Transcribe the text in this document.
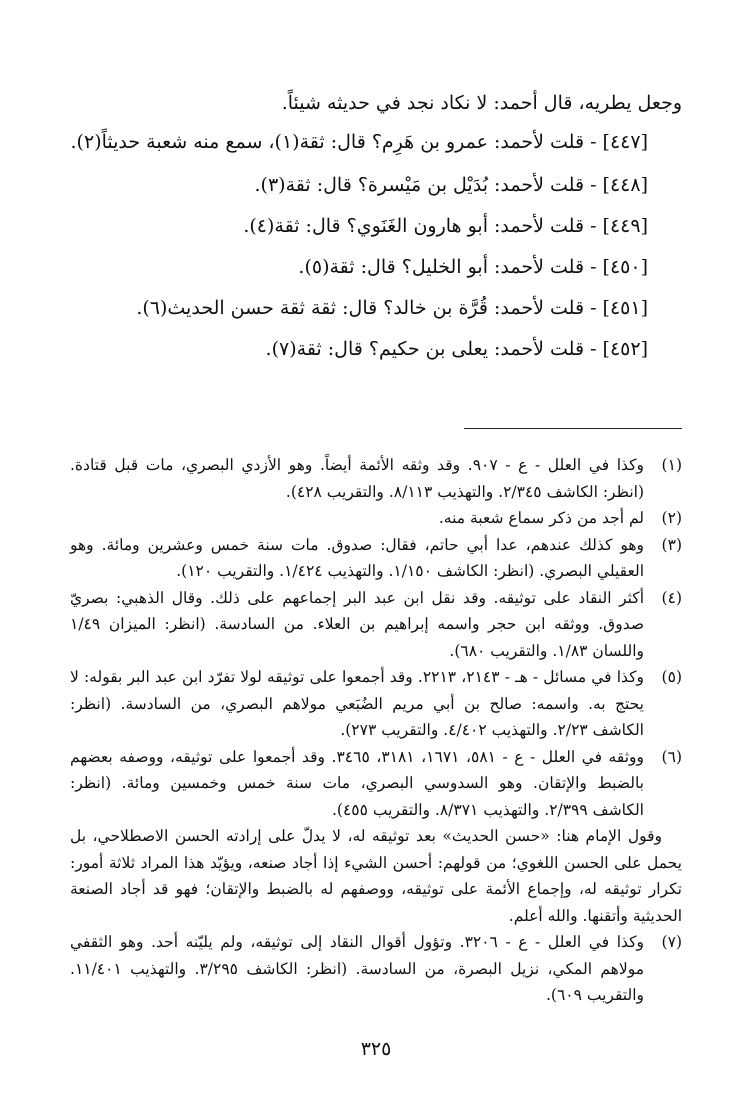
وجعل يطريه، قال أحمد: لا نكاد نجد في حديثه شيئاً.

[٤٤٧] - قلت لأحمد: عمرو بن هَرِم؟ قال: ثقة(١)، سمع منه شعبة حديثاً(٢).

[٤٤٨] - قلت لأحمد: بُدَيْل بن مَيْسرة؟ قال: ثقة(٣).

[٤٤٩] - قلت لأحمد: أبو هارون الغَنَوي؟ قال: ثقة(٤).

[٤٥٠] - قلت لأحمد: أبو الخليل؟ قال: ثقة(٥).

[٤٥١] - قلت لأحمد: قُرَّة بن خالد؟ قال: ثقة ثقة حسن الحديث(٦).

[٤٥٢] - قلت لأحمد: يعلى بن حكيم؟ قال: ثقة(٧).

(١)

وكذا في العلل - ع - ٩٠٧. وقد وثقه الأئمة أيضاً. وهو الأزدي البصري، مات قبل قتادة. (انظر: الكاشف ٢/٣٤٥. والتهذيب ٨/١١٣. والتقريب ٤٢٨).

(٢)

لم أجد من ذكر سماع شعبة منه.

(٣)

وهو كذلك عندهم، عدا أبي حاتم، فقال: صدوق. مات سنة خمس وعشرين ومائة. وهو العقيلي البصري. (انظر: الكاشف ١/١٥٠. والتهذيب ١/٤٢٤. والتقريب ١٢٠).

(٤)

أكثر النقاد على توثيقه. وقد نقل ابن عبد البر إجماعهم على ذلك. وقال الذهبي: بصريّ صدوق. ووثقه ابن حجر واسمه إبراهيم بن العلاء. من السادسة. (انظر: الميزان ١/٤٩ واللسان ١/٨٣. والتقريب ٦٨٠).

(٥)

وكذا في مسائل - هـ - ٢١٤٣، ٢٢١٣. وقد أجمعوا على توثيقه لولا تفرّد ابن عبد البر بقوله: لا يحتج به. واسمه: صالح بن أبي مريم الضُبَعي مولاهم البصري، من السادسة. (انظر: الكاشف ٢/٢٣. والتهذيب ٤/٤٠٢. والتقريب ٢٧٣).

(٦)

ووثقه في العلل - ع - ٥٨١، ١٦٧١، ٣١٨١، ٣٤٦٥. وقد أجمعوا على توثيقه، ووصفه بعضهم بالضبط والإتقان. وهو السدوسي البصري، مات سنة خمس وخمسين ومائة. (انظر: الكاشف ٢/٣٩٩. والتهذيب ٨/٣٧١. والتقريب ٤٥٥).

وقول الإمام هنا: «حسن الحديث» بعد توثيقه له، لا يدلّ على إرادته الحسن الاصطلاحي، بل يحمل على الحسن اللغوي؛ من قولهم: أحسن الشيء إذا أجاد صنعه، ويؤيّد هذا المراد ثلاثة أمور: تكرار توثيقه له، وإجماع الأئمة على توثيقه، ووصفهم له بالضبط والإتقان؛ فهو قد أجاد الصنعة الحديثية وأتقنها. والله أعلم.

(٧)

وكذا في العلل - ع - ٣٢٠٦. وتؤول أقوال النقاد إلى توثيقه، ولم يليّنه أحد. وهو الثقفي مولاهم المكي، نزيل البصرة، من السادسة. (انظر: الكاشف ٣/٢٩٥. والتهذيب ١١/٤٠١. والتقريب ٦٠٩).

٣٢٥
